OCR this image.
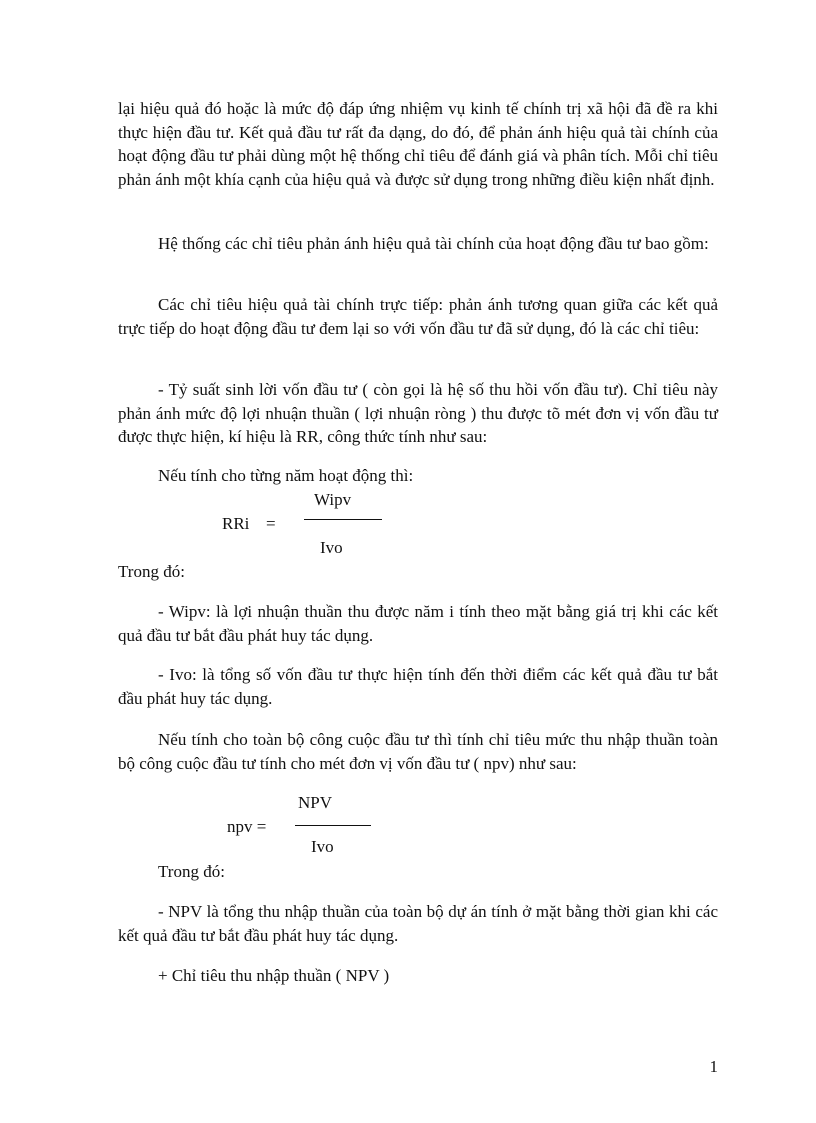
lại hiệu quả đó hoặc là mức độ đáp ứng nhiệm vụ kinh tế chính trị xã hội đã đề ra khi thực hiện đầu tư. Kết quả đầu tư rất đa dạng, do đó, để phản ánh hiệu quả tài chính của hoạt động đầu tư phải dùng một hệ thống chỉ tiêu để đánh giá và phân tích. Mỗi chỉ tiêu phản ánh một khía cạnh của hiệu quả và được sử dụng trong những điều kiện nhất định.

Hệ thống các chỉ tiêu phản ánh hiệu quả tài chính của hoạt động đầu tư bao gồm:

Các chỉ tiêu hiệu quả tài chính trực tiếp: phản ánh tương quan giữa các kết quả trực tiếp do hoạt động đầu tư đem lại so với vốn đầu tư đã sử dụng, đó là các chỉ tiêu:

- Tỷ suất sinh lời vốn đầu tư ( còn gọi là hệ số thu hồi vốn đầu tư). Chỉ tiêu này phản ánh mức độ lợi nhuận thuần ( lợi nhuận ròng ) thu được tõ mét đơn vị vốn đầu tư được thực hiện, kí hiệu là RR, công thức tính như sau:

Nếu tính cho từng năm hoạt động thì:

RRi =
Wipv
Ivo

Trong đó:

- Wipv: là lợi nhuận thuần thu được năm i tính theo mặt bằng giá trị khi các kết quả đầu tư bắt đầu phát huy tác dụng.

- Ivo: là tổng số vốn đầu tư thực hiện tính đến thời điểm các kết quả đầu tư bắt đầu phát huy tác dụng.

Nếu tính cho toàn bộ công cuộc đầu tư thì tính chỉ tiêu mức thu nhập thuần toàn bộ công cuộc đầu tư tính cho mét đơn vị vốn đầu tư ( npv) như sau:

npv =
NPV
Ivo

Trong đó:

- NPV là tổng thu nhập thuần của toàn bộ dự án tính ở mặt bằng thời gian khi các kết quả đầu tư bắt đầu phát huy tác dụng.

+ Chỉ tiêu thu nhập thuần ( NPV )

1
